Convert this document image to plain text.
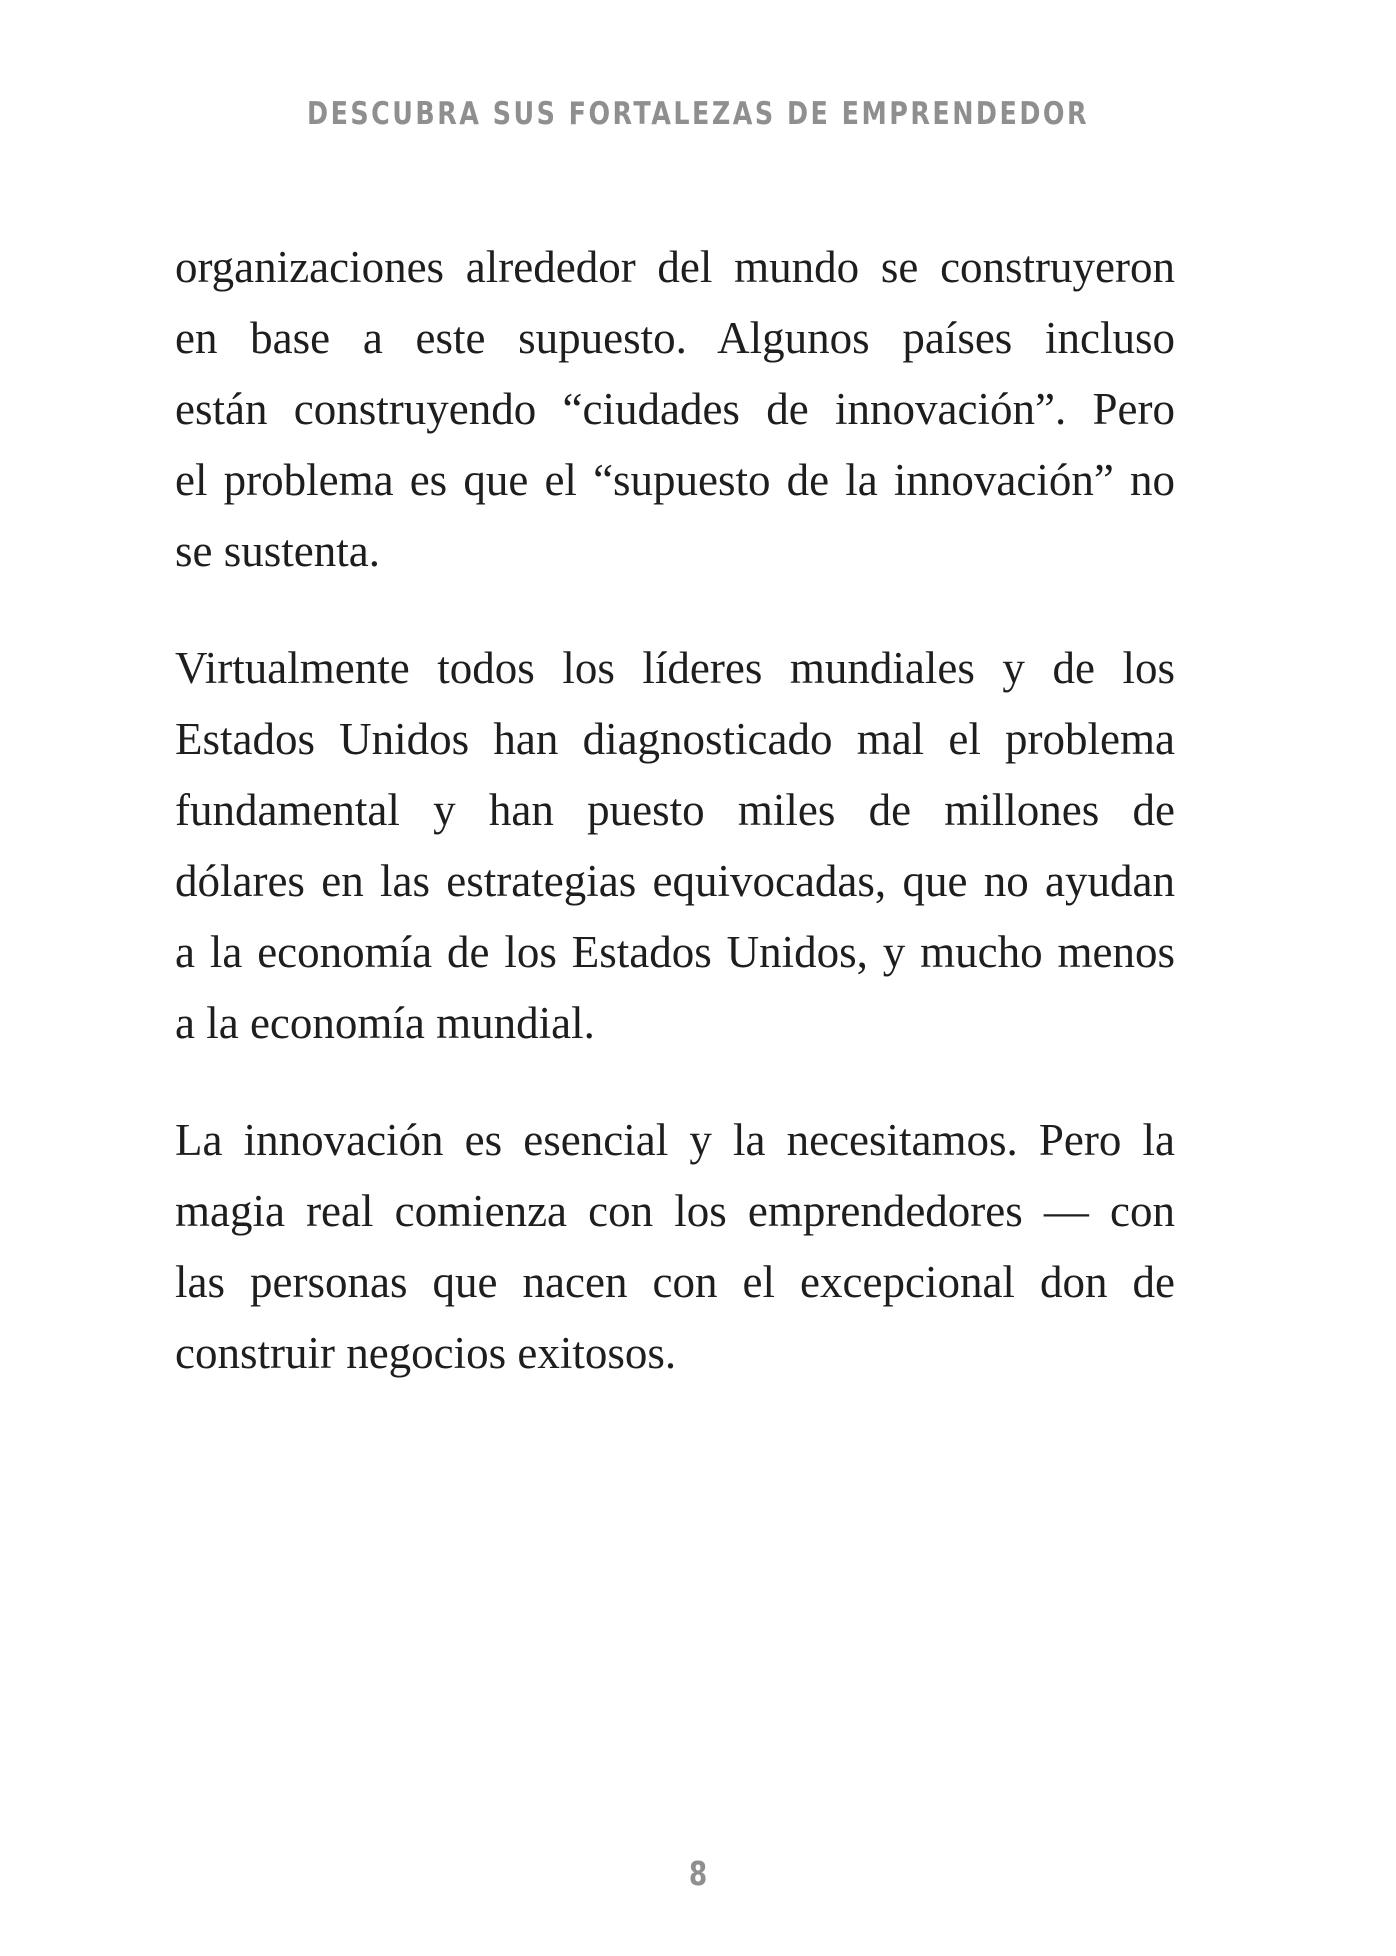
DESCUBRA SUS FORTALEZAS DE EMPRENDEDOR
organizaciones alrededor del mundo se construyeron
en base a este supuesto. Algunos países incluso
están construyendo “ciudades de innovación”. Pero
el problema es que el “supuesto de la innovación” no
se sustenta.
Virtualmente todos los líderes mundiales y de los
Estados Unidos han diagnosticado mal el problema
fundamental y han puesto miles de millones de
dólares en las estrategias equivocadas, que no ayudan
a la economía de los Estados Unidos, y mucho menos
a la economía mundial.
La innovación es esencial y la necesitamos. Pero la
magia real comienza con los emprendedores — con
las personas que nacen con el excepcional don de
construir negocios exitosos.
8
